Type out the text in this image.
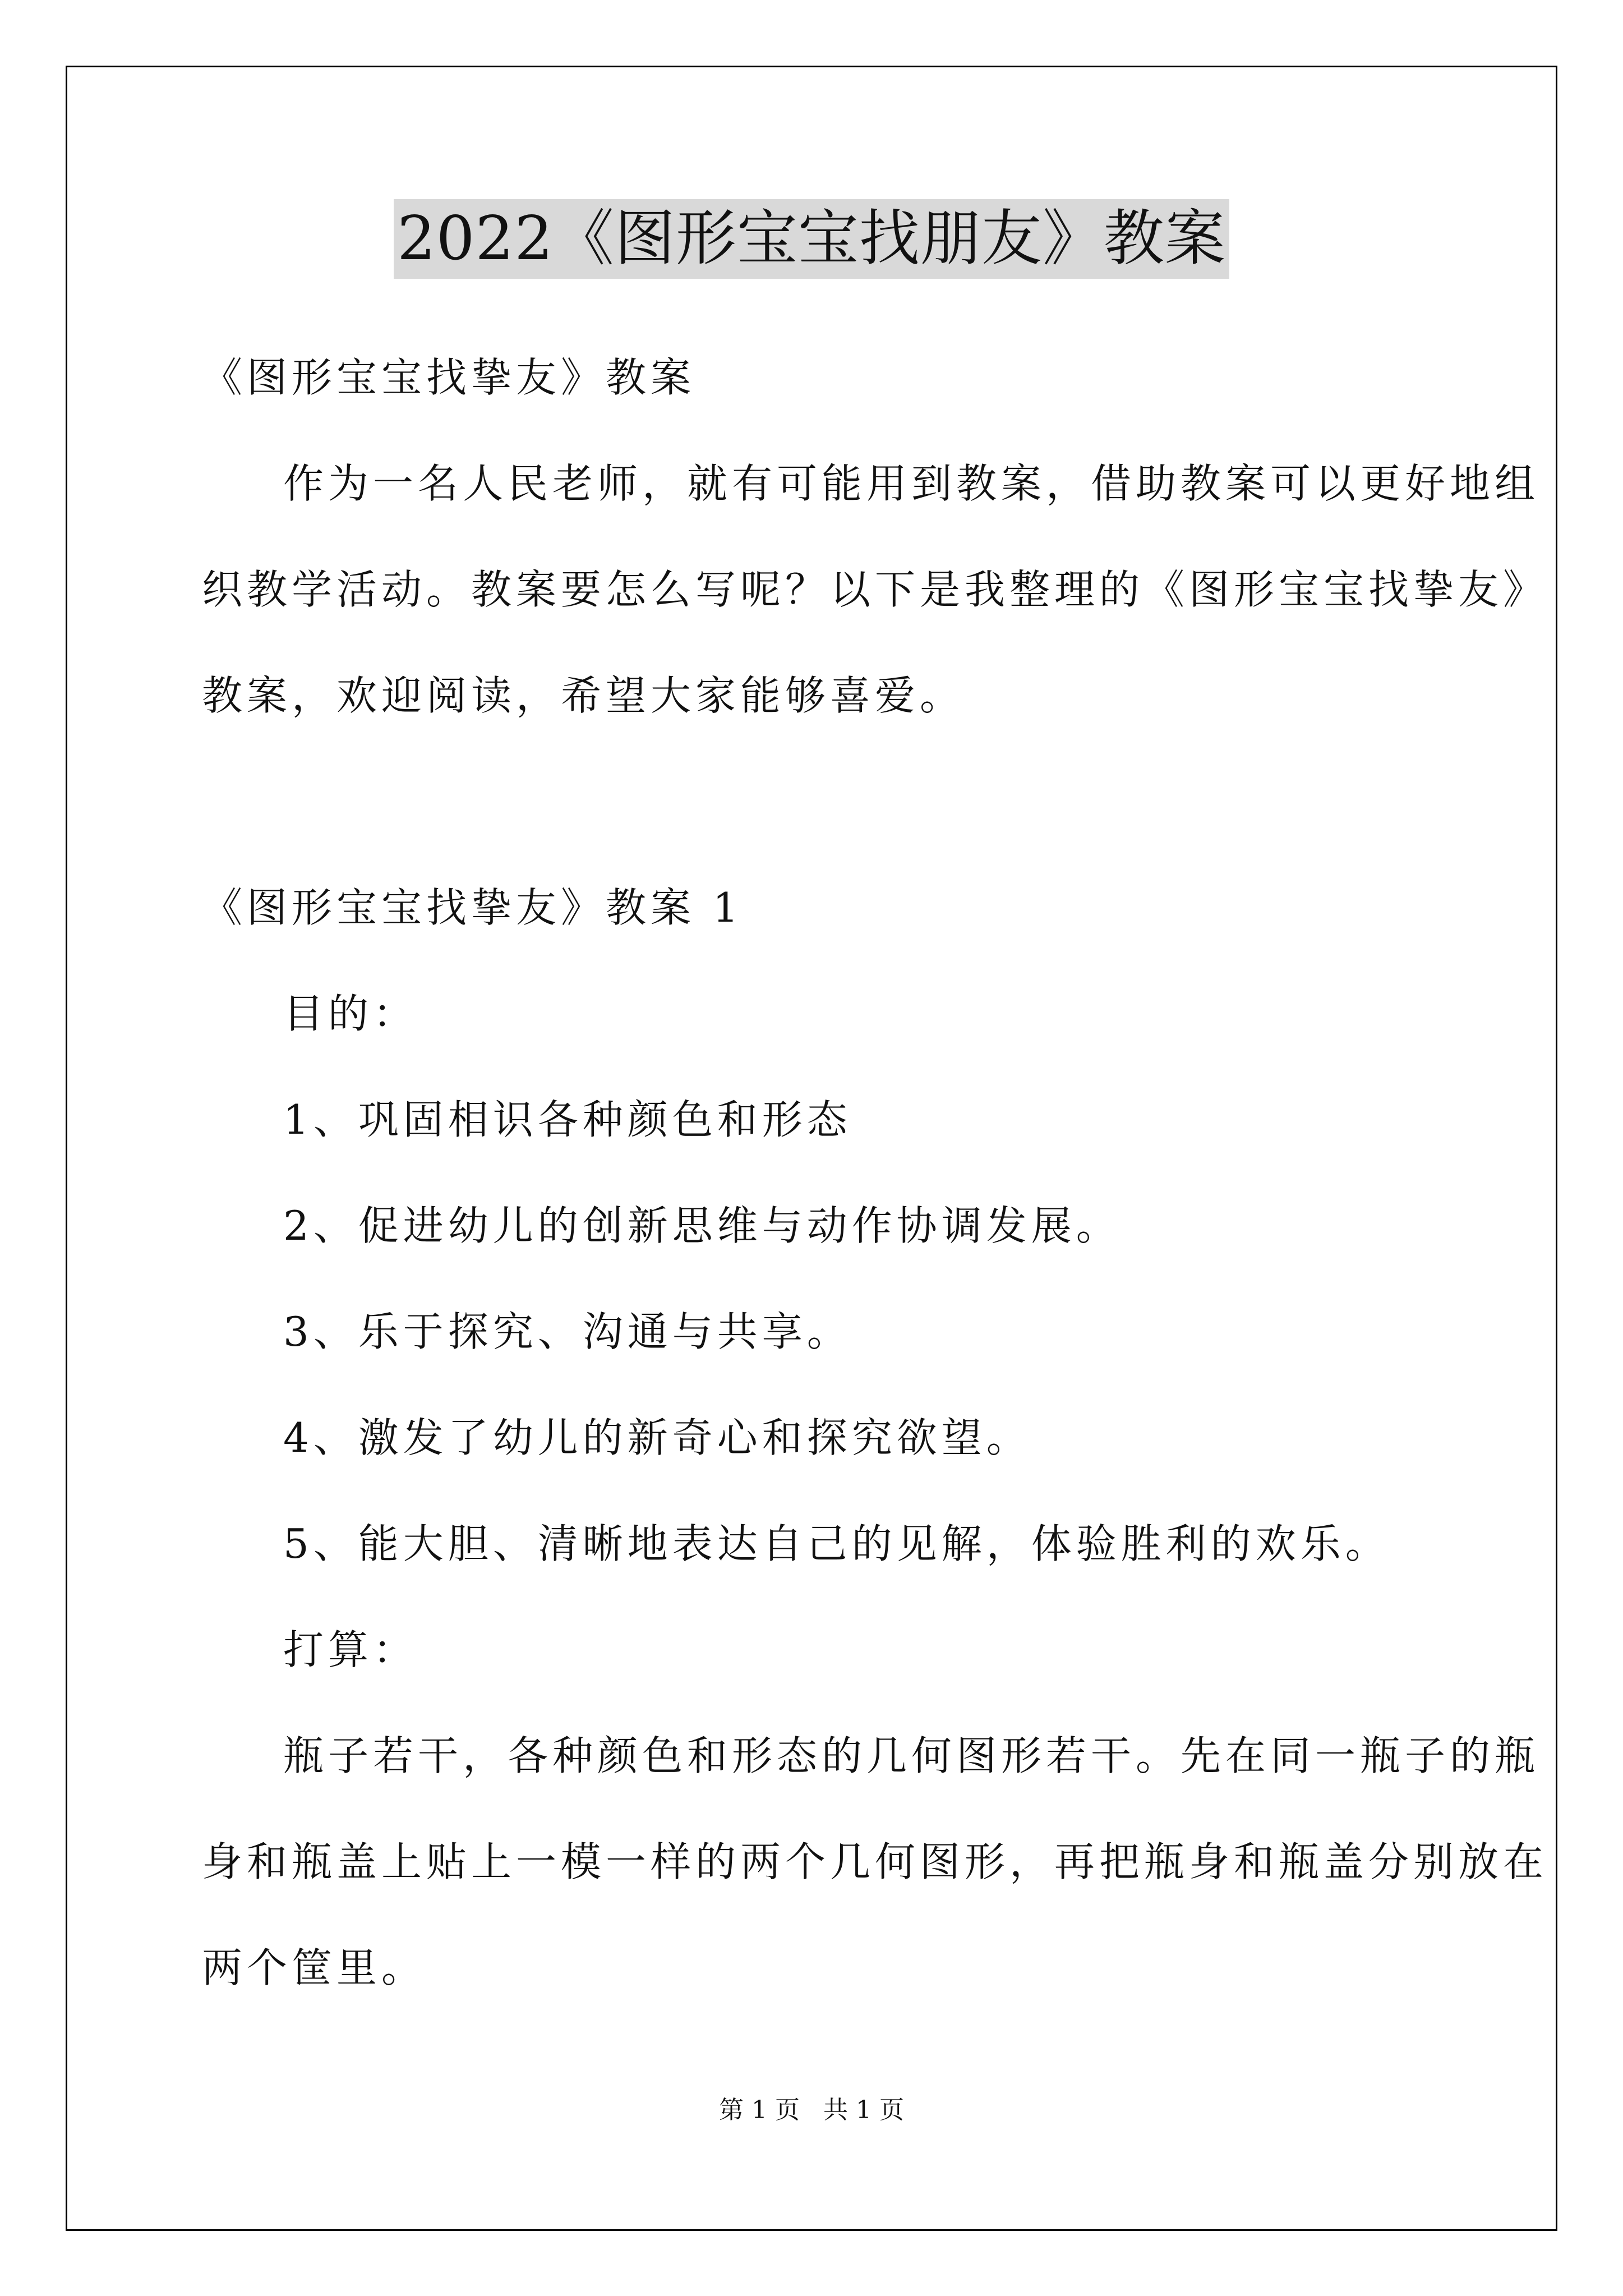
2022《图形宝宝找朋友》教案
《图形宝宝找挚友》教案
作为一名人民老师，就有可能用到教案，借助教案可以更好地组
织教学活动。教案要怎么写呢？以下是我整理的《图形宝宝找挚友》
教案，欢迎阅读，希望大家能够喜爱。
《图形宝宝找挚友》教案 1
目的：
1、巩固相识各种颜色和形态
2、促进幼儿的创新思维与动作协调发展。
3、乐于探究、沟通与共享。
4、激发了幼儿的新奇心和探究欲望。
5、能大胆、清晰地表达自己的见解，体验胜利的欢乐。
打算：
瓶子若干，各种颜色和形态的几何图形若干。先在同一瓶子的瓶
身和瓶盖上贴上一模一样的两个几何图形，再把瓶身和瓶盖分别放在
两个筐里。
第 1 页 共 1 页
